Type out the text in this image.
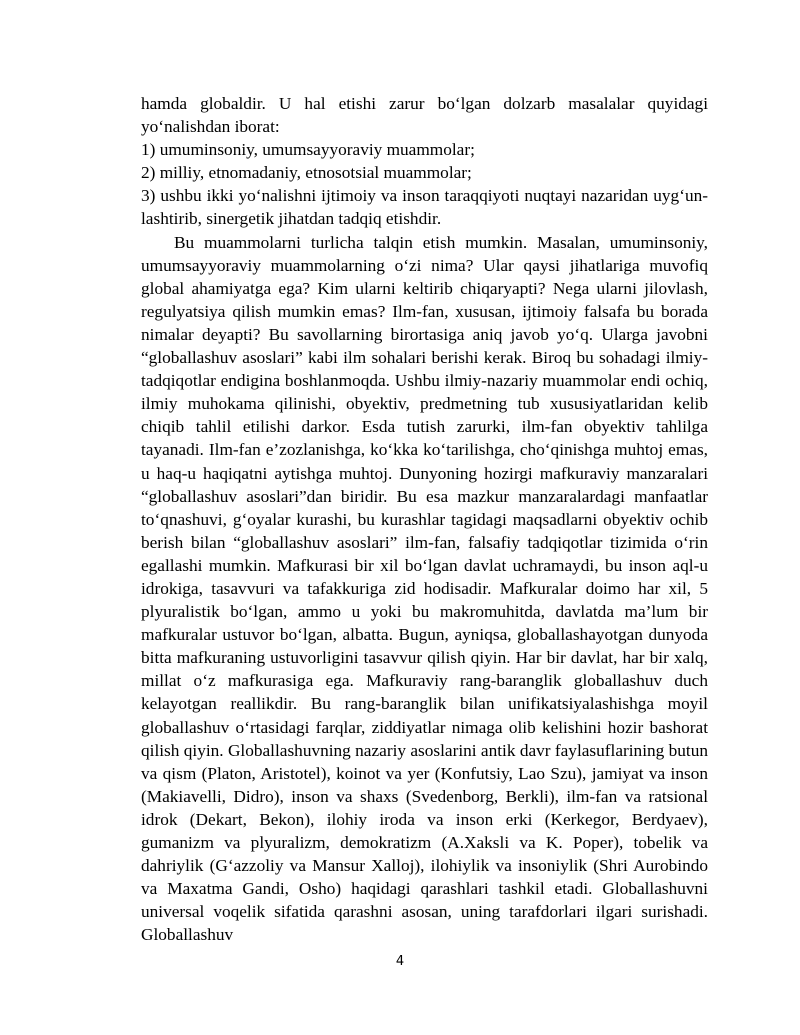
hamda globaldir. U hal etishi zarur bo‘lgan dolzarb masalalar quyidagi yo‘nalishdan iborat:

1) umuminsoniy, umumsayyoraviy muammolar;

2) milliy, etnomadaniy, etnosotsial muammolar;

3) ushbu ikki yo‘nalishni ijtimoiy va inson taraqqiyoti nuqtayi nazaridan uyg‘un- lashtirib, sinergetik jihatdan tadqiq etishdir.

Bu muammolarni turlicha talqin etish mumkin. Masalan, umuminsoniy, umumsayyoraviy muammolarning o‘zi nima? Ular qaysi jihatlariga muvofiq global ahamiyatga ega? Kim ularni keltirib chiqaryapti? Nega ularni jilovlash, regulyatsiya qilish mumkin emas? Ilm-fan, xususan, ijtimoiy falsafa bu borada nimalar deyapti? Bu savollarning birortasiga aniq javob yo‘q. Ularga javobni “globallashuv asoslari” kabi ilm sohalari berishi kerak. Biroq bu sohadagi ilmiy-tadqiqotlar endigina boshlanmoqda. Ushbu ilmiy-nazariy muammolar endi ochiq, ilmiy muhokama qilinishi, obyektiv, predmetning tub xususiyatlaridan kelib chiqib tahlil etilishi darkor. Esda tutish zarurki, ilm-fan obyektiv tahlilga tayanadi. Ilm-fan e’zozlanishga, ko‘kka ko‘tarilishga, cho‘qinishga muhtoj emas, u haq-u haqiqatni aytishga muhtoj. Dunyoning hozirgi mafkuraviy manzaralari “globallashuv asoslari”dan biridir. Bu esa mazkur manzaralardagi manfaatlar to‘qnashuvi, g‘oyalar kurashi, bu kurashlar tagidagi maqsadlarni obyektiv ochib berish bilan “globallashuv asoslari” ilm-fan, falsafiy tadqiqotlar tizimida o‘rin egallashi mumkin. Mafkurasi bir xil bo‘lgan davlat uchramaydi, bu inson aql-u idrokiga, tasavvuri va tafakkuriga zid hodisadir. Mafkuralar doimo har xil, 5 plyuralistik bo‘lgan, ammo u yoki bu makromuhitda, davlatda ma’lum bir mafkuralar ustuvor bo‘lgan, albatta. Bugun, ayniqsa, globallashayotgan dunyoda bitta mafkuraning ustuvorligini tasavvur qilish qiyin. Har bir davlat, har bir xalq, millat o‘z mafkurasiga ega. Mafkuraviy rang-baranglik globallashuv duch kelayotgan reallikdir. Bu rang-baranglik bilan unifikatsiyalashishga moyil globallashuv o‘rtasidagi farqlar, ziddiyatlar nimaga olib kelishini hozir bashorat qilish qiyin. Globallashuvning nazariy asoslarini antik davr faylasuflarining butun va qism (Platon, Aristotel), koinot va yer (Konfutsiy, Lao Szu), jamiyat va inson (Makiavelli, Didro), inson va shaxs (Svedenborg, Berkli), ilm-fan va ratsional idrok (Dekart, Bekon), ilohiy iroda va inson erki (Kerkegor, Berdyaev), gumanizm va plyuralizm, demokratizm (A.Xaksli va K. Poper), tobelik va dahriylik (G‘azzoliy va Mansur Xalloj), ilohiylik va insoniylik (Shri Aurobindo va Maxatma Gandi, Osho) haqidagi qarashlari tashkil etadi. Globallashuvni universal voqelik sifatida qarashni asosan, uning tarafdorlari ilgari surishadi. Globallashuv

4
